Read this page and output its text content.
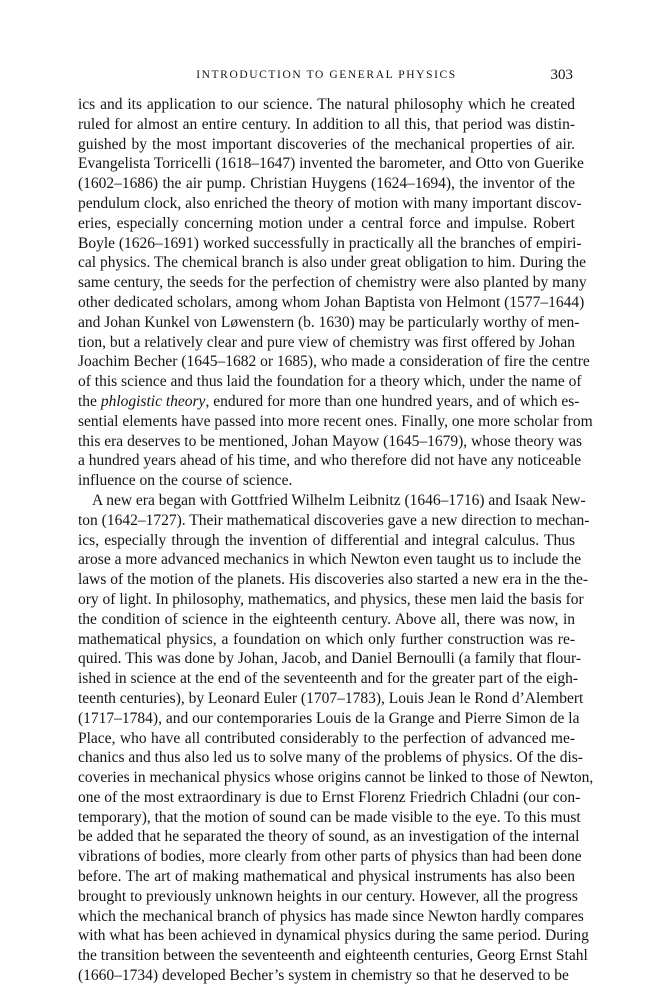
INTRODUCTION TO GENERAL PHYSICS	303
ics and its application to our science. The natural philosophy which he created
ruled for almost an entire century. In addition to all this, that period was distin-
guished by the most important discoveries of the mechanical properties of air.
Evangelista Torricelli (1618–1647) invented the barometer, and Otto von Guerike
(1602–1686) the air pump. Christian Huygens (1624–1694), the inventor of the
pendulum clock, also enriched the theory of motion with many important discov-
eries, especially concerning motion under a central force and impulse. Robert
Boyle (1626–1691) worked successfully in practically all the branches of empiri-
cal physics. The chemical branch is also under great obligation to him. During the
same century, the seeds for the perfection of chemistry were also planted by many
other dedicated scholars, among whom Johan Baptista von Helmont (1577–1644)
and Johan Kunkel von Løwenstern (b. 1630) may be particularly worthy of men-
tion, but a relatively clear and pure view of chemistry was first offered by Johan
Joachim Becher (1645–1682 or 1685), who made a consideration of fire the centre
of this science and thus laid the foundation for a theory which, under the name of
the phlogistic theory, endured for more than one hundred years, and of which es-
sential elements have passed into more recent ones. Finally, one more scholar from
this era deserves to be mentioned, Johan Mayow (1645–1679), whose theory was
a hundred years ahead of his time, and who therefore did not have any noticeable
influence on the course of science.
A new era began with Gottfried Wilhelm Leibnitz (1646–1716) and Isaak New-
ton (1642–1727). Their mathematical discoveries gave a new direction to mechan-
ics, especially through the invention of differential and integral calculus. Thus
arose a more advanced mechanics in which Newton even taught us to include the
laws of the motion of the planets. His discoveries also started a new era in the the-
ory of light. In philosophy, mathematics, and physics, these men laid the basis for
the condition of science in the eighteenth century. Above all, there was now, in
mathematical physics, a foundation on which only further construction was re-
quired. This was done by Johan, Jacob, and Daniel Bernoulli (a family that flour-
ished in science at the end of the seventeenth and for the greater part of the eigh-
teenth centuries), by Leonard Euler (1707–1783), Louis Jean le Rond d’Alembert
(1717–1784), and our contemporaries Louis de la Grange and Pierre Simon de la
Place, who have all contributed considerably to the perfection of advanced me-
chanics and thus also led us to solve many of the problems of physics. Of the dis-
coveries in mechanical physics whose origins cannot be linked to those of Newton,
one of the most extraordinary is due to Ernst Florenz Friedrich Chladni (our con-
temporary), that the motion of sound can be made visible to the eye. To this must
be added that he separated the theory of sound, as an investigation of the internal
vibrations of bodies, more clearly from other parts of physics than had been done
before. The art of making mathematical and physical instruments has also been
brought to previously unknown heights in our century. However, all the progress
which the mechanical branch of physics has made since Newton hardly compares
with what has been achieved in dynamical physics during the same period. During
the transition between the seventeenth and eighteenth centuries, Georg Ernst Stahl
(1660–1734) developed Becher’s system in chemistry so that he deserved to be
